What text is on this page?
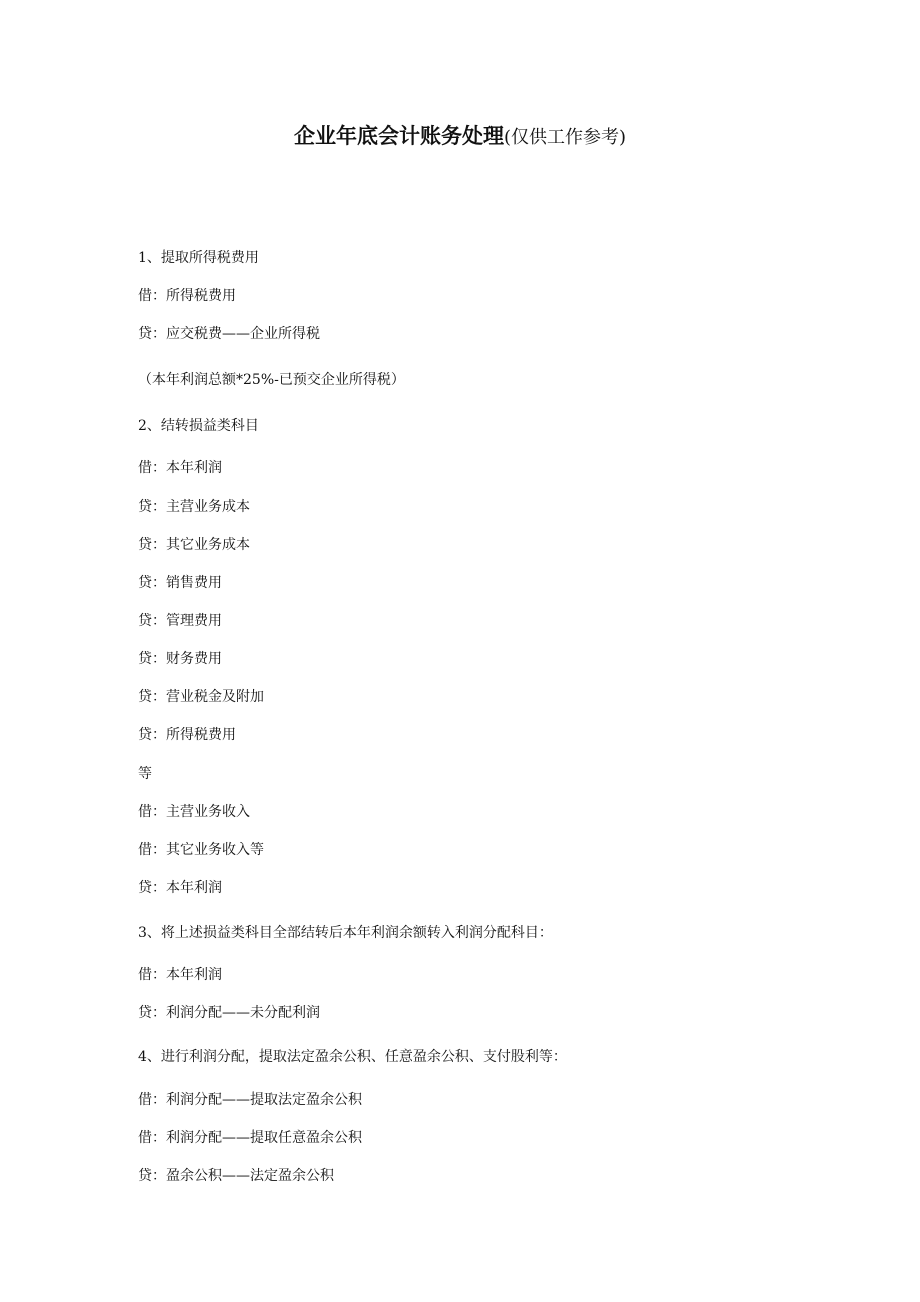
企业年底会计账务处理(仅供工作参考)
1、提取所得税费用
借：所得税费用
贷：应交税费——企业所得税
（本年利润总额*25%-已预交企业所得税）
2、结转损益类科目
借：本年利润
贷：主营业务成本
贷：其它业务成本
贷：销售费用
贷：管理费用
贷：财务费用
贷：营业税金及附加
贷：所得税费用
等
借：主营业务收入
借：其它业务收入等
贷：本年利润
3、将上述损益类科目全部结转后本年利润余额转入利润分配科目：
借：本年利润
贷：利润分配——未分配利润
4、进行利润分配，提取法定盈余公积、任意盈余公积、支付股利等：
借：利润分配——提取法定盈余公积
借：利润分配——提取任意盈余公积
贷：盈余公积——法定盈余公积
